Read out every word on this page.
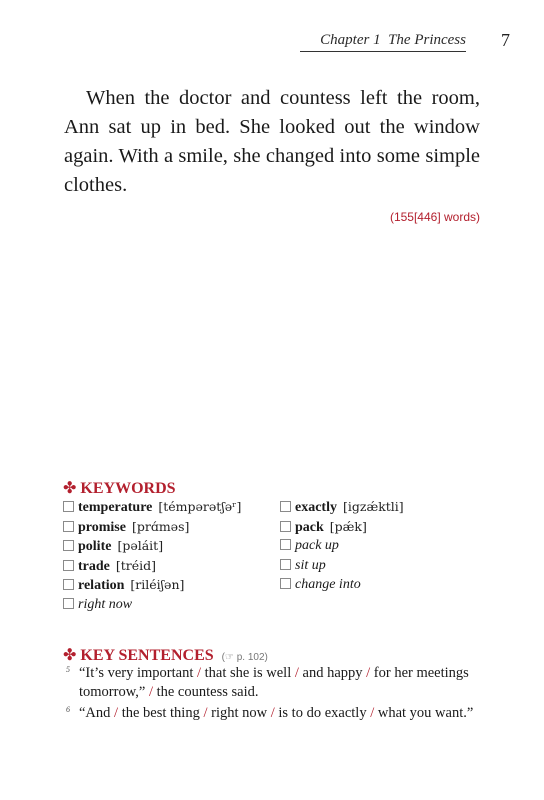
Chapter 1 The Princess 7

When the doctor and countess left the room, Ann sat up in bed. She looked out the window again. With a smile, she changed into some simple clothes.

(155[446] words)
✤ KEYWORDS
temperature [témpərətʃəʳ]
promise [prɑ́məs]
polite [pəláit]
trade [tréid]
relation [riléiʃən]
right now
exactly [igzǽktli]
pack [pǽk]
pack up
sit up
change into
✤ KEY SENTENCES (☞ p. 102)

5 “It’s very important / that she is well / and happy / for her meetings tomorrow,” / the countess said.

6 “And / the best thing / right now / is to do exactly / what you want.”
